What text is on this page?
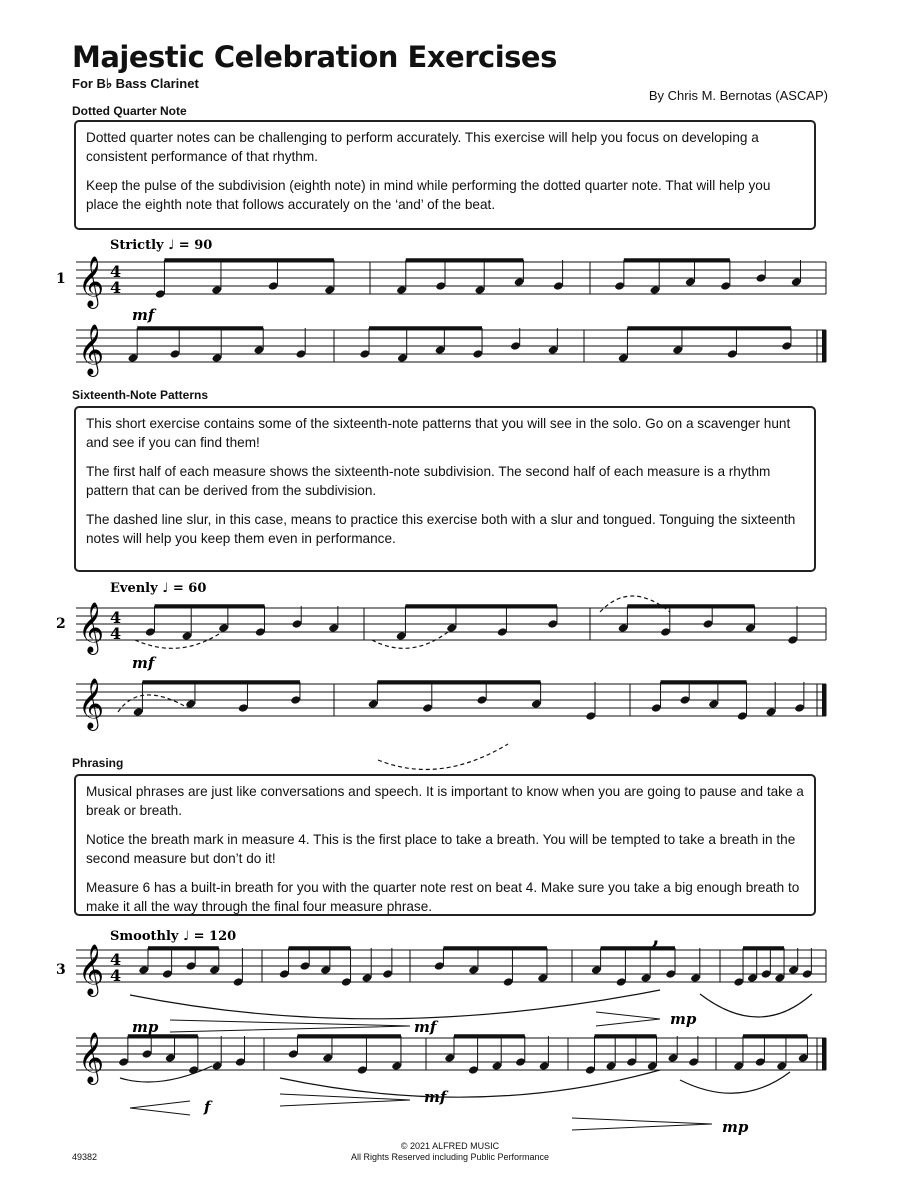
Majestic Celebration Exercises
For B♭ Bass Clarinet
By Chris M. Bernotas (ASCAP)
Dotted Quarter Note

Dotted quarter notes can be challenging to perform accurately. This exercise will help you focus on developing a consistent performance of that rhythm.

Keep the pulse of the subdivision (eighth note) in mind while performing the dotted quarter note. That will help you place the eighth note that follows accurately on the ‘and’ of the beat.

Sixteenth-Note Patterns

This short exercise contains some of the sixteenth-note patterns that you will see in the solo. Go on a scavenger hunt and see if you can find them!

The first half of each measure shows the sixteenth-note subdivision. The second half of each measure is a rhythm pattern that can be derived from the subdivision.

The dashed line slur, in this case, means to practice this exercise both with a slur and tongued. Tonguing the sixteenth notes will help you keep them even in performance.

Phrasing

Musical phrases are just like conversations and speech. It is important to know when you are going to pause and take a break or breath.

Notice the breath mark in measure 4. This is the first place to take a breath. You will be tempted to take a breath in the second measure but don’t do it!

Measure 6 has a built-in breath for you with the quarter note rest on beat 4. Make sure you take a big enough breath to make it all the way through the final four measure phrase.

1
Strictly ♩ = 90
2
Evenly ♩ = 60
3
Smoothly ♩ = 120
mf
mf
mp	mf	mp
f
mf
mp
,
𝄞 4
4
𝄞
𝄞 4
4
𝄞
𝄞 4
4
𝄞
49382
© 2021 ALFRED MUSIC
All Rights Reserved including Public Performance
